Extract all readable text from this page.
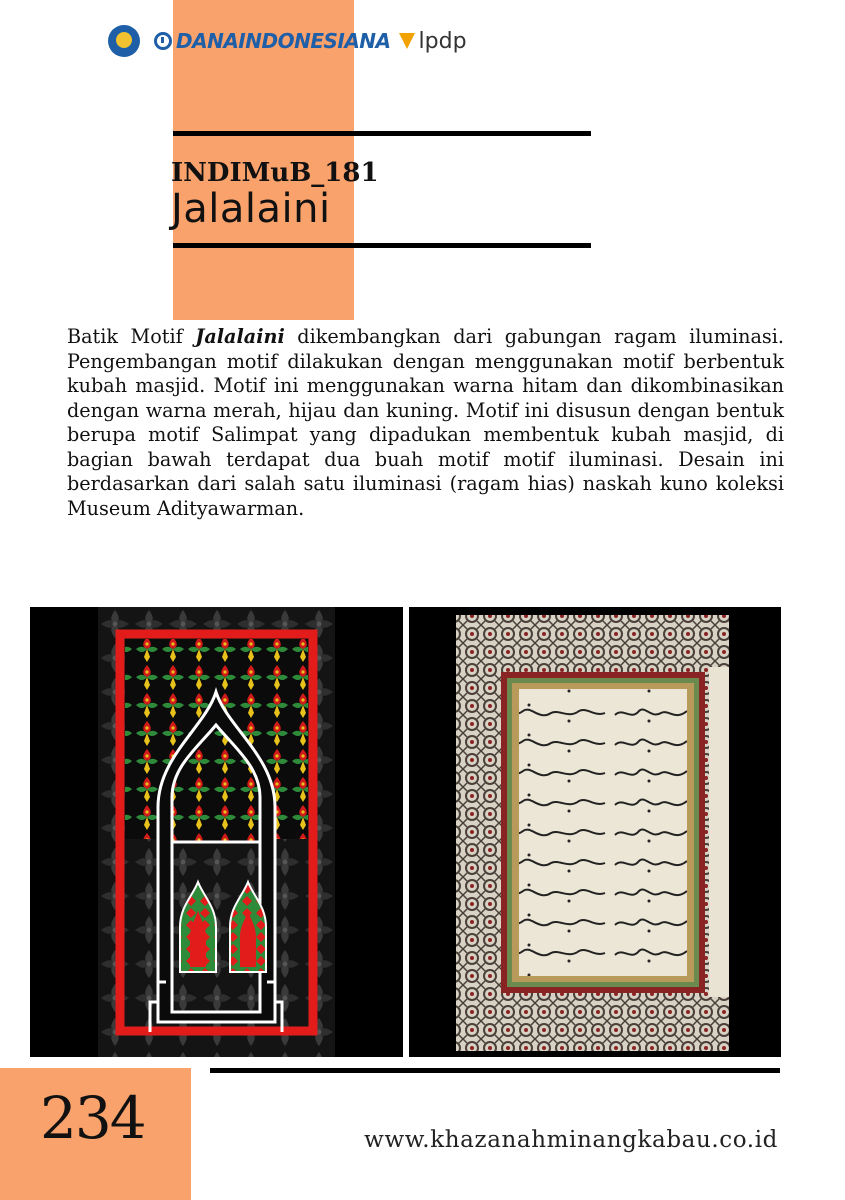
DANAINDONESIANA lpdp
INDIMuB_181
Jalalaini
Batik Motif Jalalaini dikembangkan dari gabungan ragam iluminasi. Pengembangan motif dilakukan dengan menggunakan motif berbentuk kubah masjid. Motif ini menggunakan warna hitam dan dikombinasikan dengan warna merah, hijau dan kuning. Motif ini disusun dengan bentuk berupa motif Salimpat yang dipadukan membentuk kubah masjid, di bagian bawah terdapat dua buah motif motif iluminasi. Desain ini berdasarkan dari salah satu iluminasi (ragam hias) naskah kuno koleksi Museum Adityawarman.
234	www.khazanahminangkabau.co.id
